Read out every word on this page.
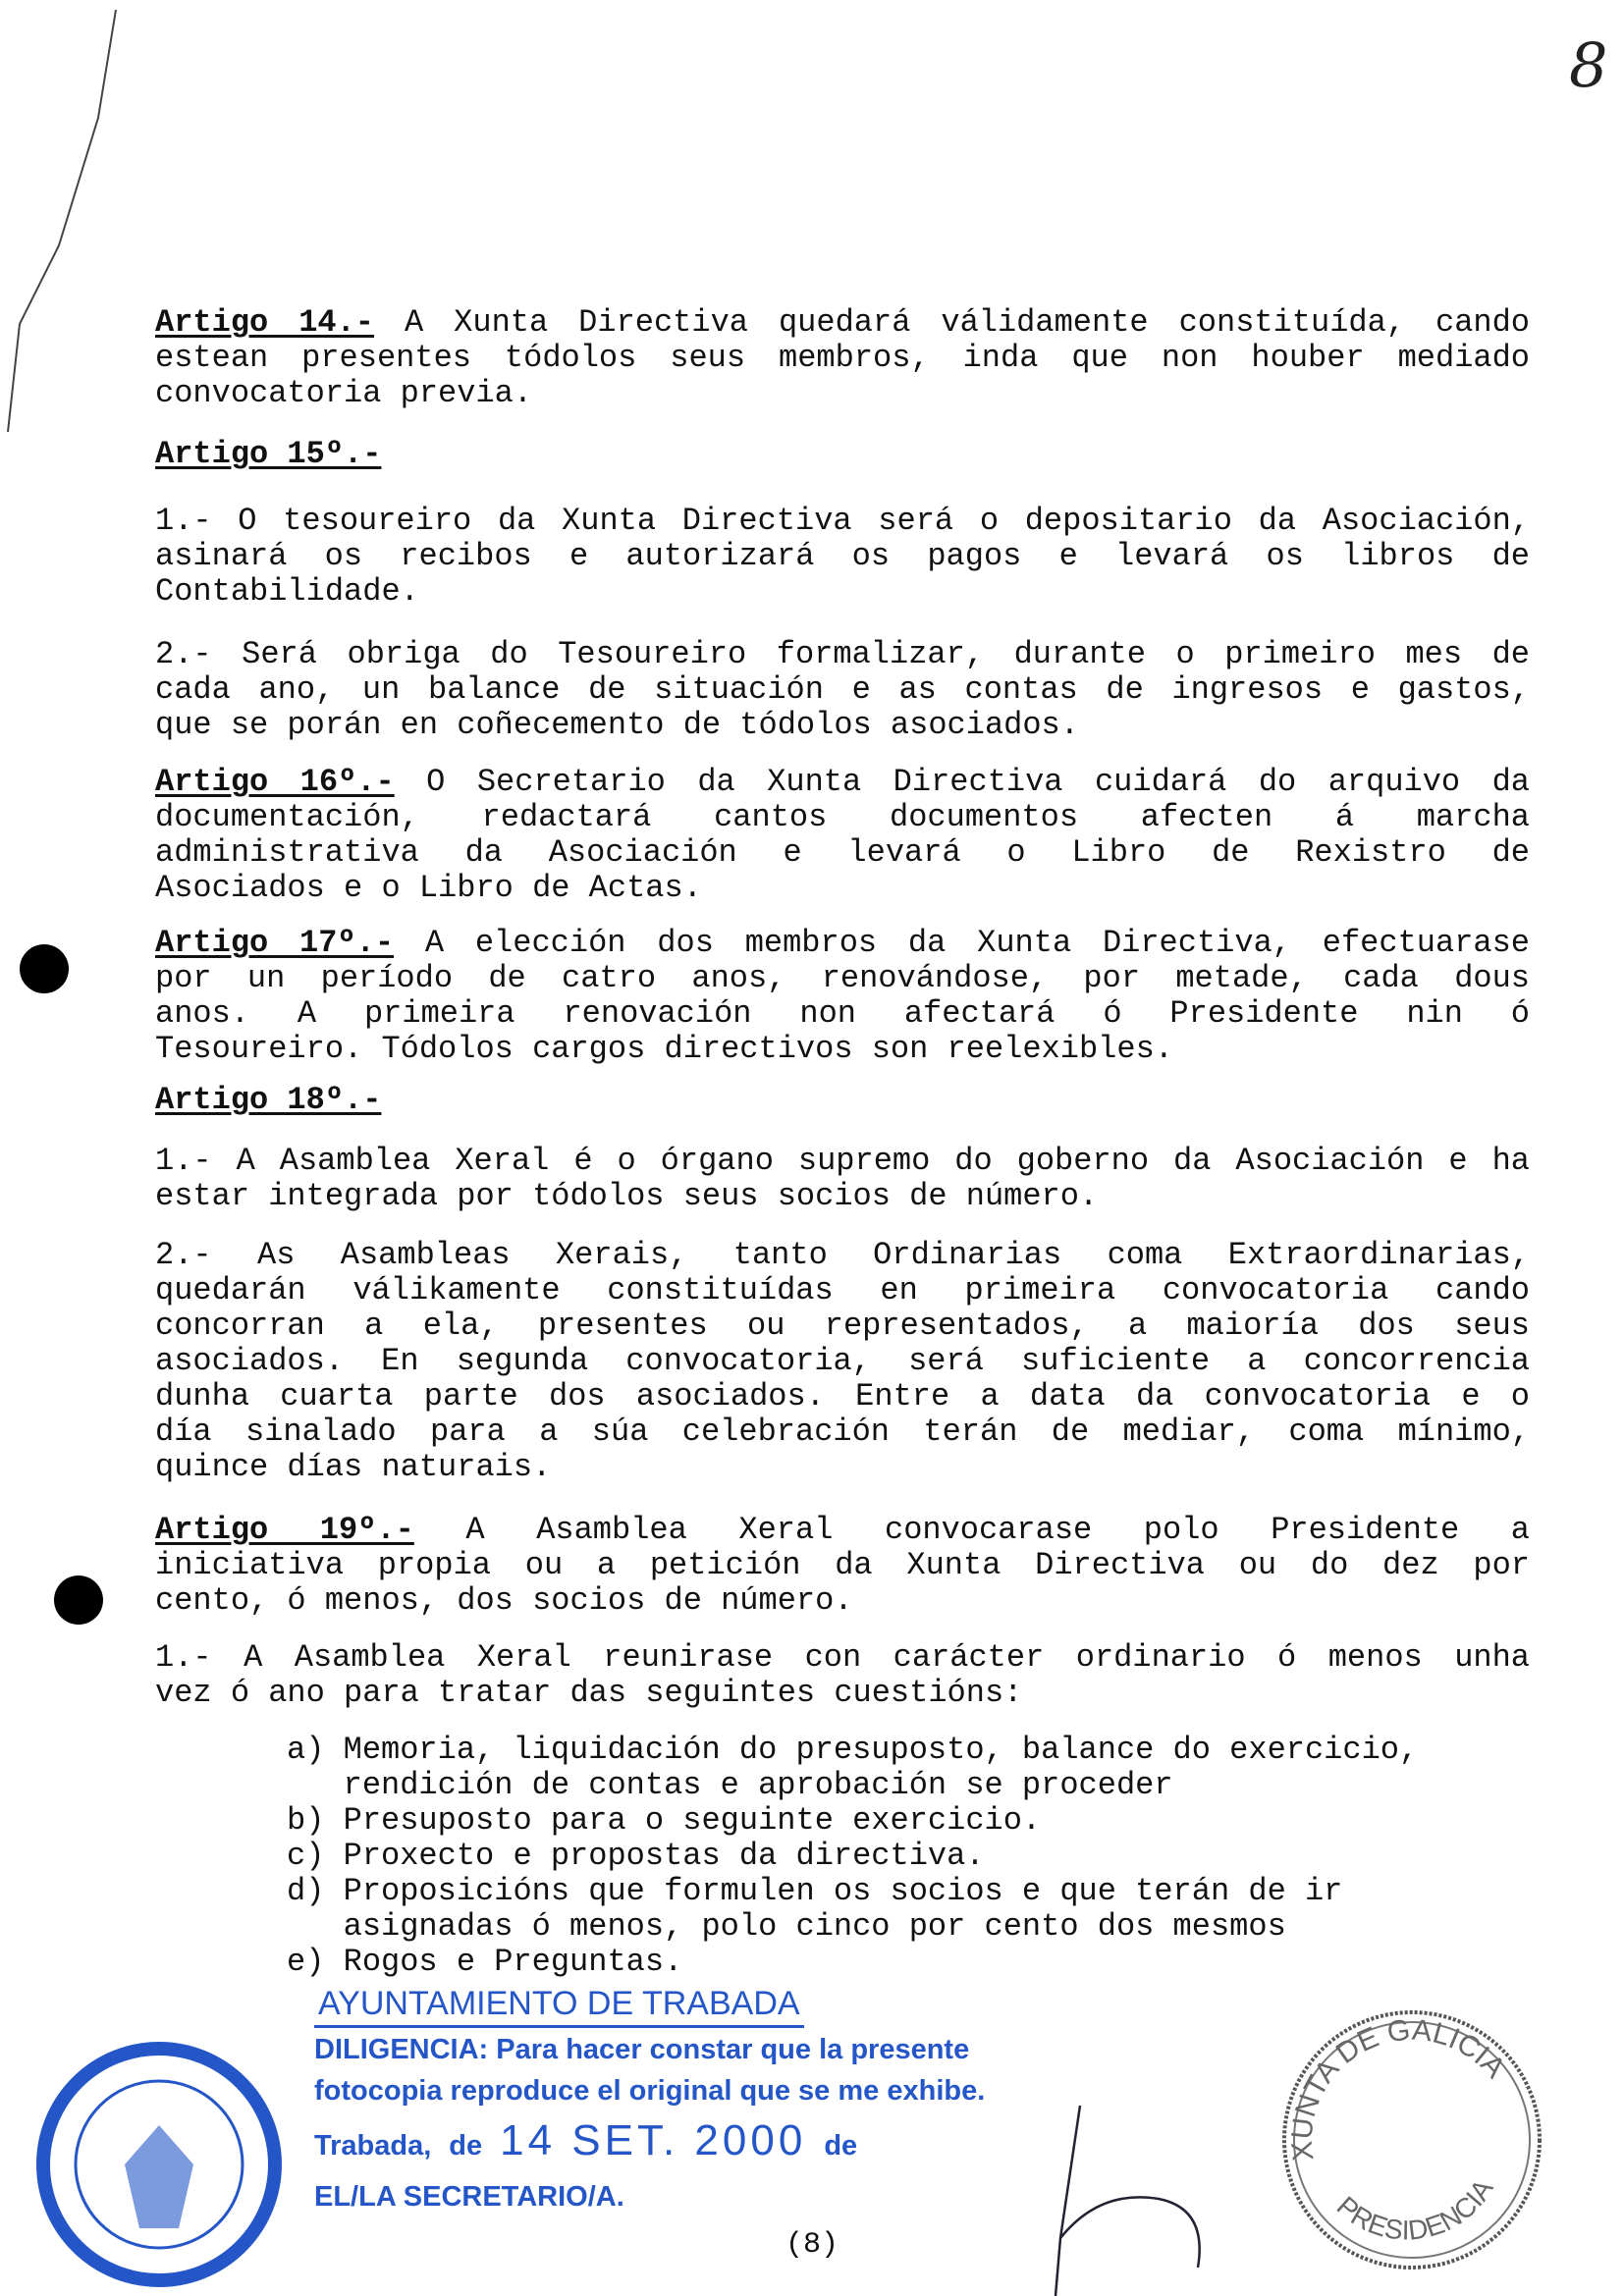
8
Artigo 14.- A Xunta Directiva quedará válidamente constituída, cando
estean presentes tódolos seus membros, inda que non houber mediado
convocatoria previa.
Artigo 15º.-
1.- O tesoureiro da Xunta Directiva será o depositario da Asociación,
asinará os recibos e autorizará os pagos e levará os libros de
Contabilidade.
2.- Será obriga do Tesoureiro formalizar, durante o primeiro mes de
cada ano, un balance de situación e as contas de ingresos e gastos,
que se porán en coñecemento de tódolos asociados.
Artigo 16º.- O Secretario da Xunta Directiva cuidará do arquivo da
documentación, redactará cantos documentos afecten á marcha
administrativa da Asociación e levará o Libro de Rexistro de
Asociados e o Libro de Actas.
Artigo 17º.- A elección dos membros da Xunta Directiva, efectuarase
por un período de catro anos, renovándose, por metade, cada dous
anos. A primeira renovación non afectará ó Presidente nin ó
Tesoureiro. Tódolos cargos directivos son reelexibles.
Artigo 18º.-
1.- A Asamblea Xeral é o órgano supremo do goberno da Asociación e ha
estar integrada por tódolos seus socios de número.
2.- As Asambleas Xerais, tanto Ordinarias coma Extraordinarias,
quedarán válikamente constituídas en primeira convocatoria cando
concorran a ela, presentes ou representados, a maioría dos seus
asociados. En segunda convocatoria, será suficiente a concorrencia
dunha cuarta parte dos asociados. Entre a data da convocatoria e o
día sinalado para a súa celebración terán de mediar, coma mínimo,
quince días naturais.
Artigo 19º.- A Asamblea Xeral convocarase polo Presidente a
iniciativa propia ou a petición da Xunta Directiva ou do dez por
cento, ó menos, dos socios de número.
1.- A Asamblea Xeral reunirase con carácter ordinario ó menos unha
vez ó ano para tratar das seguintes cuestións:
a) Memoria, liquidación do presuposto, balance do exercicio,
rendición de contas e aprobación se proceder
b) Presuposto para o seguinte exercicio.
c) Proxecto e propostas da directiva.
d) Proposicións que formulen os socios e que terán de ir
asignadas ó menos, polo cinco por cento dos mesmos
e) Rogos e Preguntas.
AYUNTAMIENTO DE TRABADA
DILIGENCIA: Para hacer constar que la presente
fotocopia reproduce el original que se me exhibe.
Trabada, de 14 SET. 2000 de
EL/LA SECRETARIO/A.
XUNTA DE GALICIA
PRESIDENCIA
(8)
